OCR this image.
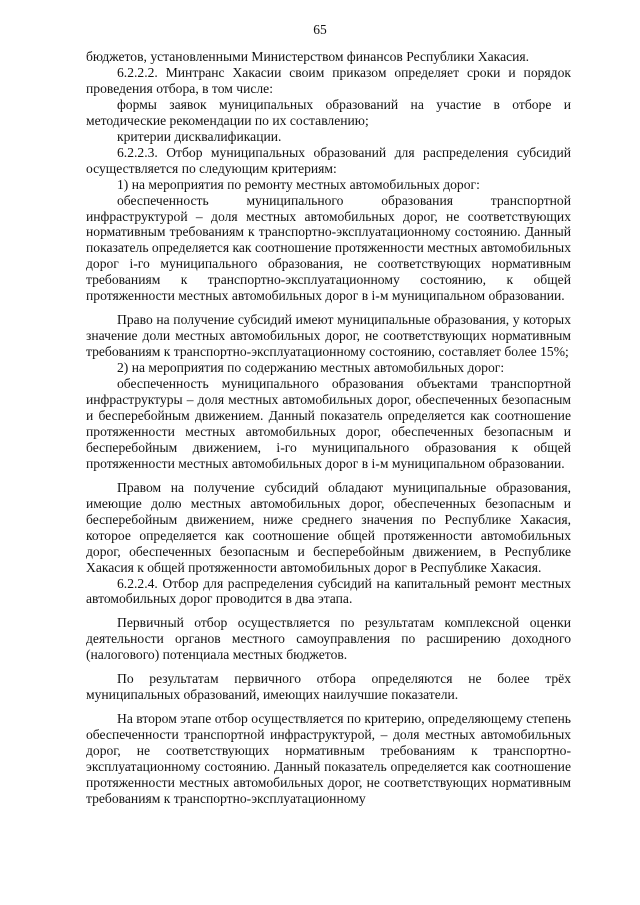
65

бюджетов, установленными Министерством финансов Республики Хакасия.

6.2.2.2. Минтранс Хакасии своим приказом определяет сроки и порядок проведения отбора, в том числе:

формы заявок муниципальных образований на участие в отборе и методические рекомендации по их составлению;

критерии дисквалификации.

6.2.2.3. Отбор муниципальных образований для распределения субсидий осуществляется по следующим критериям:

1) на мероприятия по ремонту местных автомобильных дорог:

обеспеченность муниципального образования транспортной инфраструктурой – доля местных автомобильных дорог, не соответствующих нормативным требованиям к транспортно-эксплуатационному состоянию. Данный показатель определяется как соотношение протяженности местных автомобильных дорог i-го муниципального образования, не соответствующих нормативным требованиям к транспортно-эксплуатационному состоянию, к общей протяженности местных автомобильных дорог в i-м муниципальном образовании.

Право на получение субсидий имеют муниципальные образования, у которых значение доли местных автомобильных дорог, не соответствующих нормативным требованиям к транспортно-эксплуатационному состоянию, составляет более 15%;

2) на мероприятия по содержанию местных автомобильных дорог:

обеспеченность муниципального образования объектами транспортной инфраструктуры – доля местных автомобильных дорог, обеспеченных безопасным и бесперебойным движением. Данный показатель определяется как соотношение протяженности местных автомобильных дорог, обеспеченных безопасным и бесперебойным движением, i-го муниципального образования к общей протяженности местных автомобильных дорог в i-м муниципальном образовании.

Правом на получение субсидий обладают муниципальные образования, имеющие долю местных автомобильных дорог, обеспеченных безопасным и бесперебойным движением, ниже среднего значения по Республике Хакасия, которое определяется как соотношение общей протяженности автомобильных дорог, обеспеченных безопасным и бесперебойным движением, в Республике Хакасия к общей протяженности автомобильных дорог в Республике Хакасия.

6.2.2.4. Отбор для распределения субсидий на капитальный ремонт местных автомобильных дорог проводится в два этапа.

Первичный отбор осуществляется по результатам комплексной оценки деятельности органов местного самоуправления по расширению доходного (налогового) потенциала местных бюджетов.

По результатам первичного отбора определяются не более трёх муниципальных образований, имеющих наилучшие показатели.

На втором этапе отбор осуществляется по критерию, определяющему степень обеспеченности транспортной инфраструктурой, – доля местных автомобильных дорог, не соответствующих нормативным требованиям к транспортно-эксплуатационному состоянию. Данный показатель определяется как соотношение протяженности местных автомобильных дорог, не соответствующих нормативным требованиям к транспортно-эксплуатационному
